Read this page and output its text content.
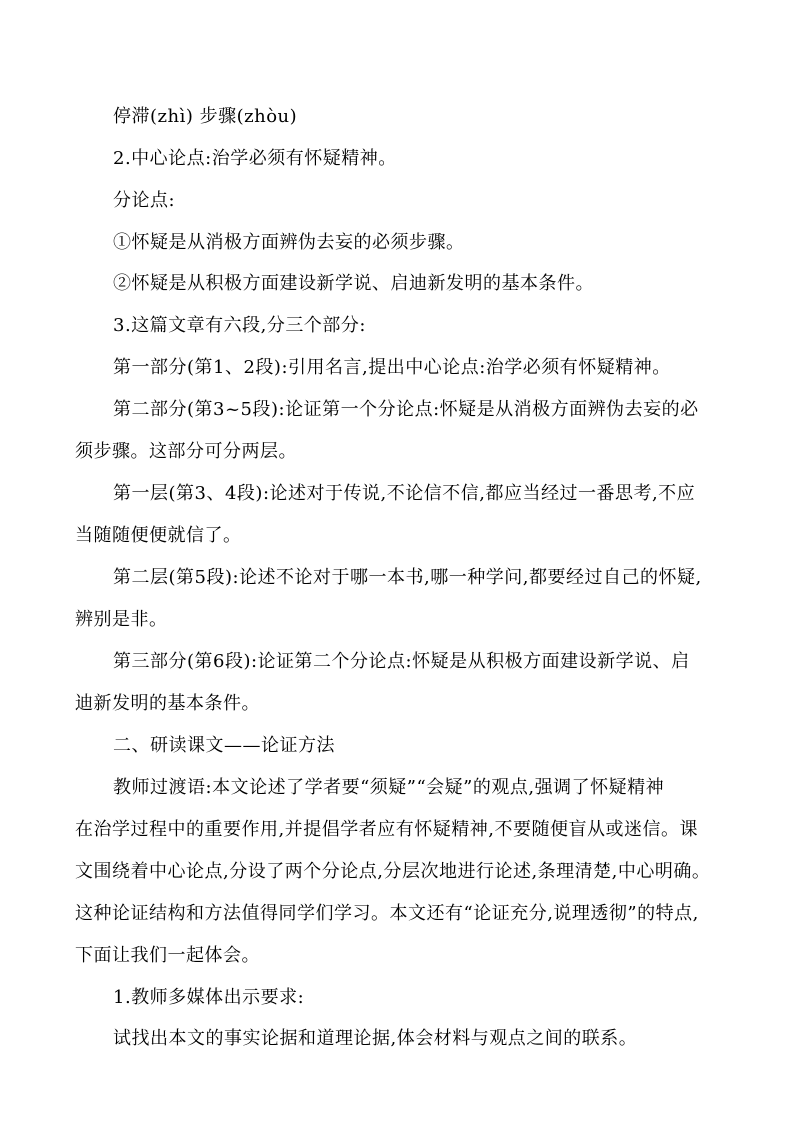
停滞(zhì) 步骤(zhòu)
2.中心论点:治学必须有怀疑精神。
分论点:
①怀疑是从消极方面辨伪去妄的必须步骤。
②怀疑是从积极方面建设新学说、启迪新发明的基本条件。
3.这篇文章有六段,分三个部分:
第一部分(第1、2段):引用名言,提出中心论点:治学必须有怀疑精神。
第二部分(第3~5段):论证第一个分论点:怀疑是从消极方面辨伪去妄的必
须步骤。这部分可分两层。
第一层(第3、4段):论述对于传说,不论信不信,都应当经过一番思考,不应
当随随便便就信了。
第二层(第5段):论述不论对于哪一本书,哪一种学问,都要经过自己的怀疑,
辨别是非。
第三部分(第6段):论证第二个分论点:怀疑是从积极方面建设新学说、启
迪新发明的基本条件。
二、研读课文——论证方法
教师过渡语:本文论述了学者要“须疑”“会疑”的观点,强调了怀疑精神
在治学过程中的重要作用,并提倡学者应有怀疑精神,不要随便盲从或迷信。课
文围绕着中心论点,分设了两个分论点,分层次地进行论述,条理清楚,中心明确。
这种论证结构和方法值得同学们学习。本文还有“论证充分,说理透彻”的特点,
下面让我们一起体会。
1.教师多媒体出示要求:
试找出本文的事实论据和道理论据,体会材料与观点之间的联系。
